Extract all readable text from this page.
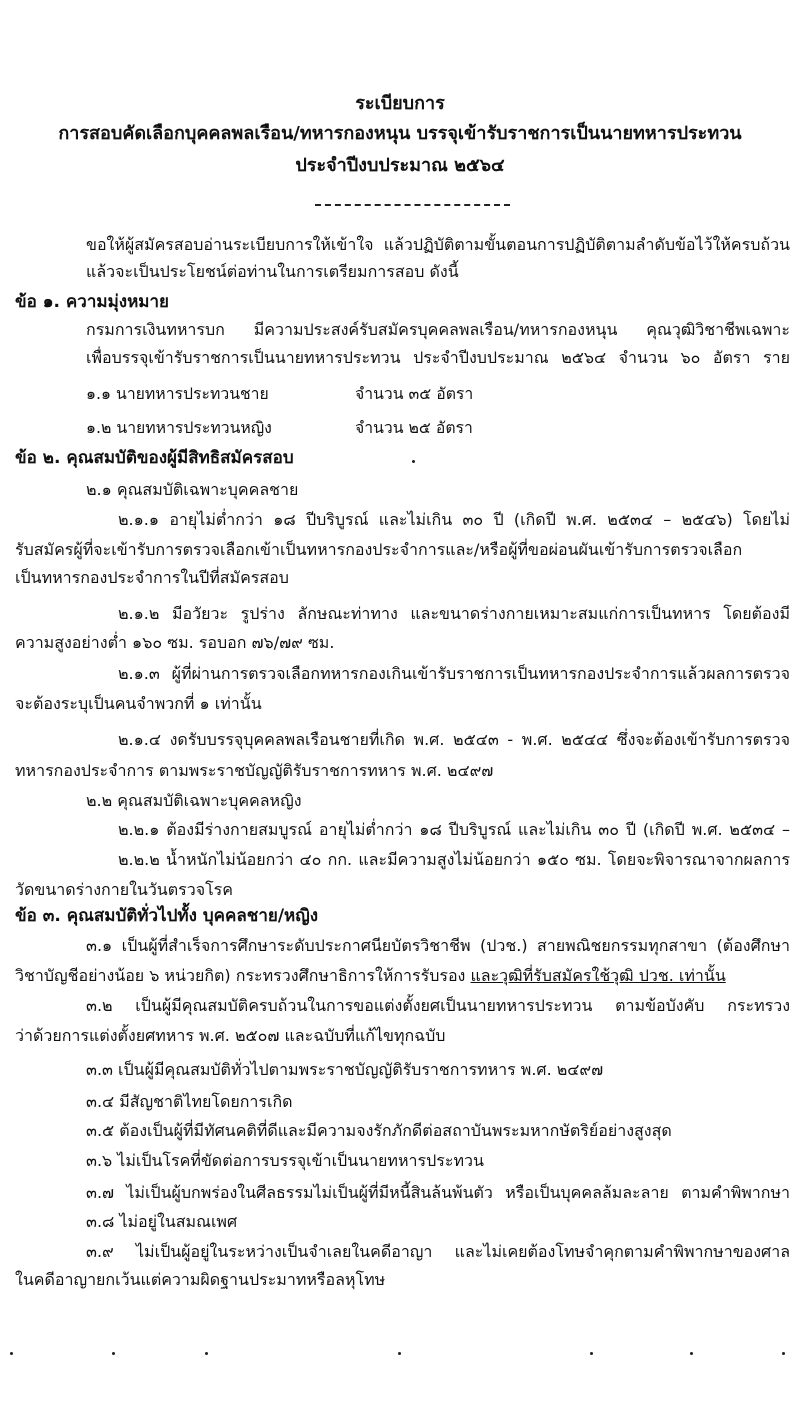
ระเบียบการ
การสอบคัดเลือกบุคคลพลเรือน/ทหารกองหนุน บรรจุเข้ารับราชการเป็นนายทหารประทวน
ประจำปีงบประมาณ ๒๕๖๔
ขอให้ผู้สมัครสอบอ่านระเบียบการให้เข้าใจ แล้วปฏิบัติตามขั้นตอนการปฏิบัติตามลำดับข้อไว้ให้ครบถ้วน
แล้วจะเป็นประโยชน์ต่อท่านในการเตรียมการสอบ ดังนี้
ข้อ ๑. ความมุ่งหมาย
กรมการเงินทหารบก มีความประสงค์รับสมัครบุคคลพลเรือน/ทหารกองหนุน คุณวุฒิวิชาชีพเฉพาะ
เพื่อบรรจุเข้ารับราชการเป็นนายทหารประทวน ประจำปีงบประมาณ ๒๕๖๔ จำนวน ๖๐ อัตรา ราย
๑.๑ นายทหารประทวนชาย	จำนวน ๓๕ อัตรา
๑.๒ นายทหารประทวนหญิง	จำนวน ๒๕ อัตรา
ข้อ ๒. คุณสมบัติของผู้มีสิทธิสมัครสอบ
๒.๑ คุณสมบัติเฉพาะบุคคลชาย
๒.๑.๑ อายุไม่ต่ำกว่า ๑๘ ปีบริบูรณ์ และไม่เกิน ๓๐ ปี (เกิดปี พ.ศ. ๒๕๓๔ – ๒๕๔๖) โดยไม่
รับสมัครผู้ที่จะเข้ารับการตรวจเลือกเข้าเป็นทหารกองประจำการและ/หรือผู้ที่ขอผ่อนผันเข้ารับการตรวจเลือก
เป็นทหารกองประจำการในปีที่สมัครสอบ
๒.๑.๒ มีอวัยวะ รูปร่าง ลักษณะท่าทาง และขนาดร่างกายเหมาะสมแก่การเป็นทหาร โดยต้องมี
ความสูงอย่างต่ำ ๑๖๐ ซม. รอบอก ๗๖/๗๙ ซม.
๒.๑.๓ ผู้ที่ผ่านการตรวจเลือกทหารกองเกินเข้ารับราชการเป็นทหารกองประจำการแล้วผลการตรวจ
จะต้องระบุเป็นคนจำพวกที่ ๑ เท่านั้น
๒.๑.๔ งดรับบรรจุบุคคลพลเรือนชายที่เกิด พ.ศ. ๒๕๔๓ - พ.ศ. ๒๕๔๔ ซึ่งจะต้องเข้ารับการตรวจ
ทหารกองประจำการ ตามพระราชบัญญัติรับราชการทหาร พ.ศ. ๒๔๙๗
๒.๒ คุณสมบัติเฉพาะบุคคลหญิง
๒.๒.๑ ต้องมีร่างกายสมบูรณ์ อายุไม่ต่ำกว่า ๑๘ ปีบริบูรณ์ และไม่เกิน ๓๐ ปี (เกิดปี พ.ศ. ๒๕๓๔ –
๒.๒.๒ น้ำหนักไม่น้อยกว่า ๔๐ กก. และมีความสูงไม่น้อยกว่า ๑๕๐ ซม. โดยจะพิจารณาจากผลการ
วัดขนาดร่างกายในวันตรวจโรค
ข้อ ๓. คุณสมบัติทั่วไปทั้ง บุคคลชาย/หญิง
๓.๑ เป็นผู้ที่สำเร็จการศึกษาระดับประกาศนียบัตรวิชาชีพ (ปวช.) สายพณิชยกรรมทุกสาขา (ต้องศึกษา
วิชาบัญชีอย่างน้อย ๖ หน่วยกิต) กระทรวงศึกษาธิการให้การรับรอง และวุฒิที่รับสมัครใช้วุฒิ ปวช. เท่านั้น
๓.๒ เป็นผู้มีคุณสมบัติครบถ้วนในการขอแต่งตั้งยศเป็นนายทหารประทวน ตามข้อบังคับ กระทรวง
ว่าด้วยการแต่งตั้งยศทหาร พ.ศ. ๒๕๐๗ และฉบับที่แก้ไขทุกฉบับ
๓.๓ เป็นผู้มีคุณสมบัติทั่วไปตามพระราชบัญญัติรับราชการทหาร พ.ศ. ๒๔๙๗
๓.๔ มีสัญชาติไทยโดยการเกิด
๓.๕ ต้องเป็นผู้ที่มีทัศนคติที่ดีและมีความจงรักภักดีต่อสถาบันพระมหากษัตริย์อย่างสูงสุด
๓.๖ ไม่เป็นโรคที่ขัดต่อการบรรจุเข้าเป็นนายทหารประทวน
๓.๗ ไม่เป็นผู้บกพร่องในศีลธรรมไม่เป็นผู้ที่มีหนี้สินล้นพ้นตัว หรือเป็นบุคคลล้มละลาย ตามคำพิพากษา
๓.๘ ไม่อยู่ในสมณเพศ
๓.๙ ไม่เป็นผู้อยู่ในระหว่างเป็นจำเลยในคดีอาญา และไม่เคยต้องโทษจำคุกตามคำพิพากษาของศาล
ในคดีอาญายกเว้นแต่ความผิดฐานประมาทหรือลหุโทษ
